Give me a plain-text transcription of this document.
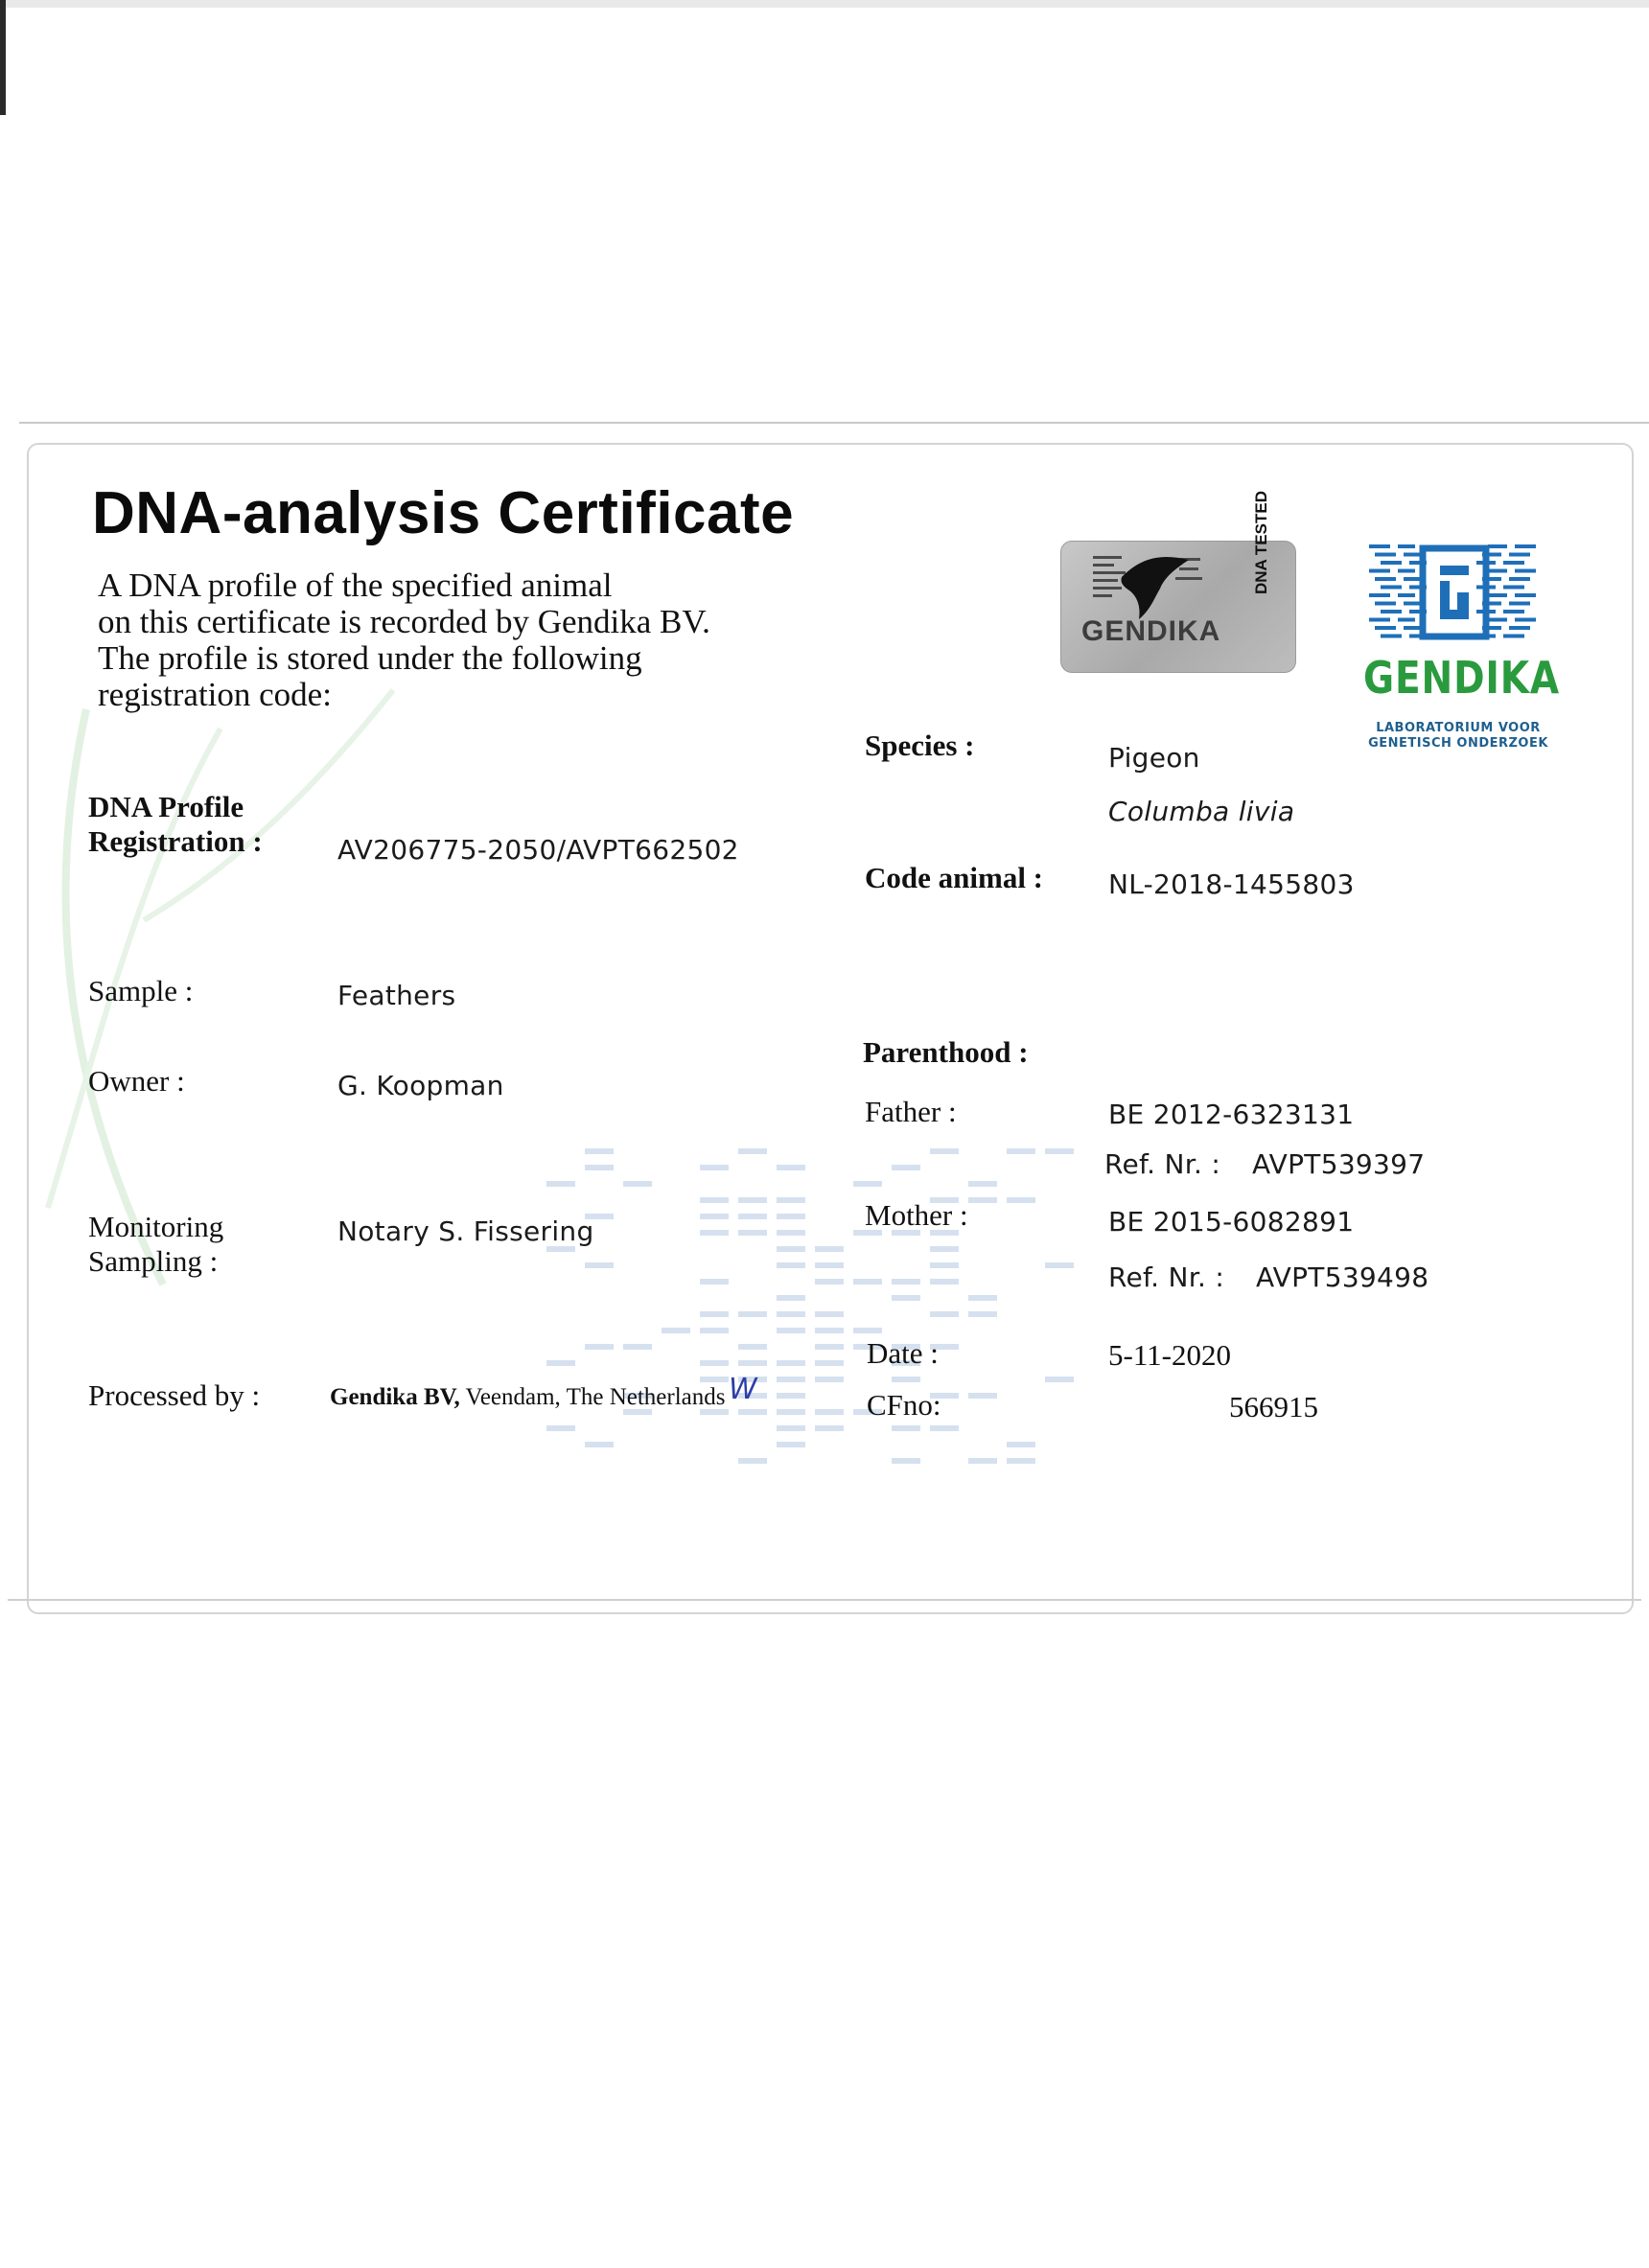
DNA-analysis Certificate
A DNA profile of the specified animal
on this certificate is recorded by Gendika BV.
The profile is stored under the following
registration code:
DNA Profile
Registration :	AV206775-2050/AVPT662502
Sample :	Feathers
Owner :	G. Koopman
Monitoring
Sampling :
Notary S. Fissering
Processed by :	Gendika BV, Veendam, The Netherlands W
Species :	Pigeon
Columba livia
Code animal : NL-2018-1455803
Parenthood :
Father :	BE 2012-6323131
Ref. Nr. : AVPT539397
Mother :	BE 2015-6082891
Ref. Nr. : AVPT539498
Date :	5-11-2020
CFno:	566915
GENDIKA
DNA TESTED
GENDIKA
LABORATORIUM VOOR
GENETISCH ONDERZOEK
